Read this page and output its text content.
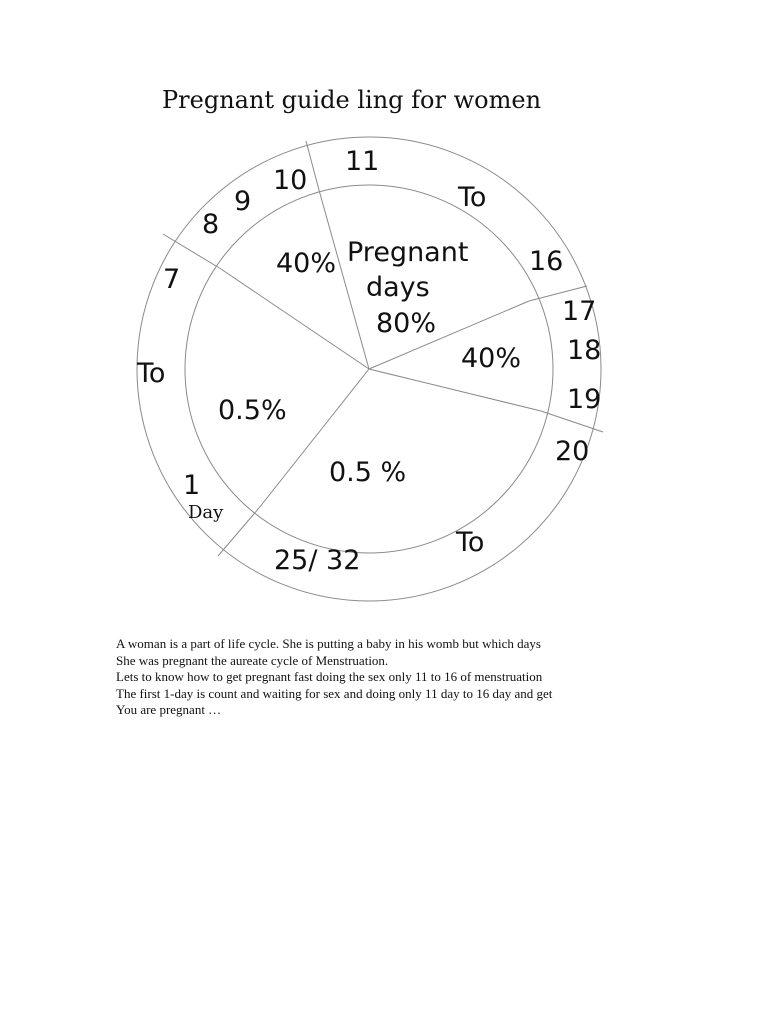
Pregnant guide ling for women
11
To
16
17
18
19
20
To
25/ 32
1
Day
To
7
8
9
10
Pregnant
days
80%
40%
40%
0.5%
0.5 %

A woman is a part of life cycle. She is putting a baby in his womb but which days

She was pregnant the aureate cycle of Menstruation.

Lets to know how to get pregnant fast doing the sex only 11 to 16 of menstruation

The first 1-day is count and waiting for sex and doing only 11 day to 16 day and get

You are pregnant …
